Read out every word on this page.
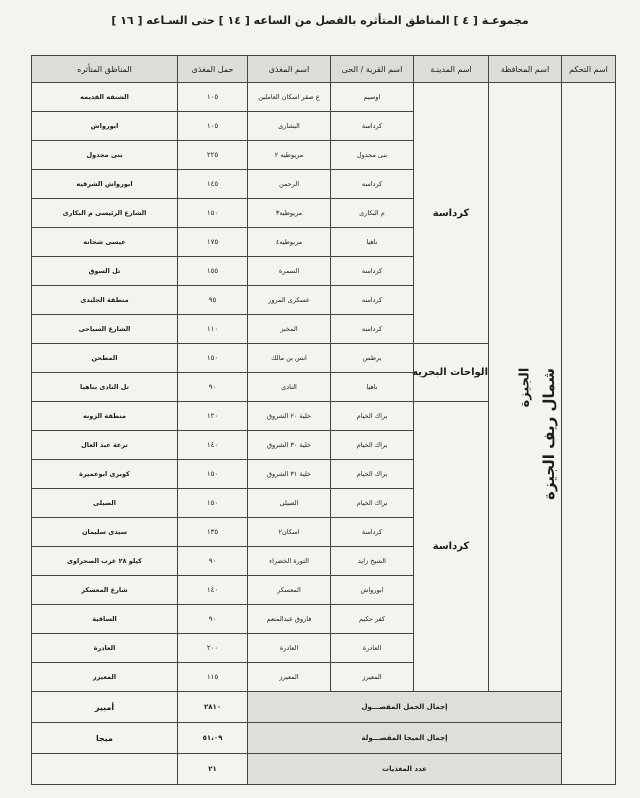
مجموعـة [ ٤ ] المناطق المتأثره بالفصل من الساعه [ ١٤ ] حتى السـاعه [ ١٦ ]
اسم التحكم	اسم المحافظة	اسم المدينـة	اسم القرية / الحى	اسم المغذى	حمل المغذى	المناطق المتأثره
شمال ريف الجيزة	الجيزة	كرداسة	اوسيم	ع صقر اسكان العاملين	١٠٥	الشنقه القديمه
			كرداسة	البشارى	١٠٥	ابورواش
			بنى مجدول	مريوطيه ٢	٢٢٥	بنى مجدول
			كرداسه	الرحمن	١٤٥	ابورواش الشرقيه
			م البكارى	مريوطيه٣	١٥٠	الشارع الرئيسى م البكارى
			ناهيا	مريوطيه٤	١٧٥	عيسى شحاته
			كرداسه	السمرة	١٥٥	تل السوق
			كرداسه	عسكرى المرور	٩٥	منطقة الجلبدى
			كرداسه	المخبز	١١٠	الشارع السياحى
		الواحات البحريه	برطس	انس بن مالك	١٥٠	المطحن
			ناهيا	النادى	٩٠	تل النادى بناهيا
		كرداسة	براك الخيام	خلية ٢٠ الشروق	١٢٠	منطقة الزونه
			براك الخيام	خلية ٣٠ الشروق	١٤٠	ترعة عبد العال
			براك الخيام	خلية ٣١ الشروق	١٥٠	كوبرى ابوعميرة
			براك الخيام	الصيلى	١٥٠	الصيلى
			كرداسة	اسكان٢	١٣٥	سيدى سليمان
			الشيخ زايد	الثورة الخضراء	٩٠	كيلو ٢٨ غرب الصحراوى
			ابورواش	المعسكر	١٤٠	شارع المعسكر
			كفر حكيم	فاروق عبدالمنعم	٩٠	الساقية
			العادرة	العادرة	٢٠٠	العادرة
			المعيرز	المعيرز	١١٥	المعيرز
	إجمال الحمل المفصـــول				٢٨١٠	أمبير
	إجمال الميجا المفصـــولة				٥١،٠٩	ميجا
	عدد المغذيات				٢١	
